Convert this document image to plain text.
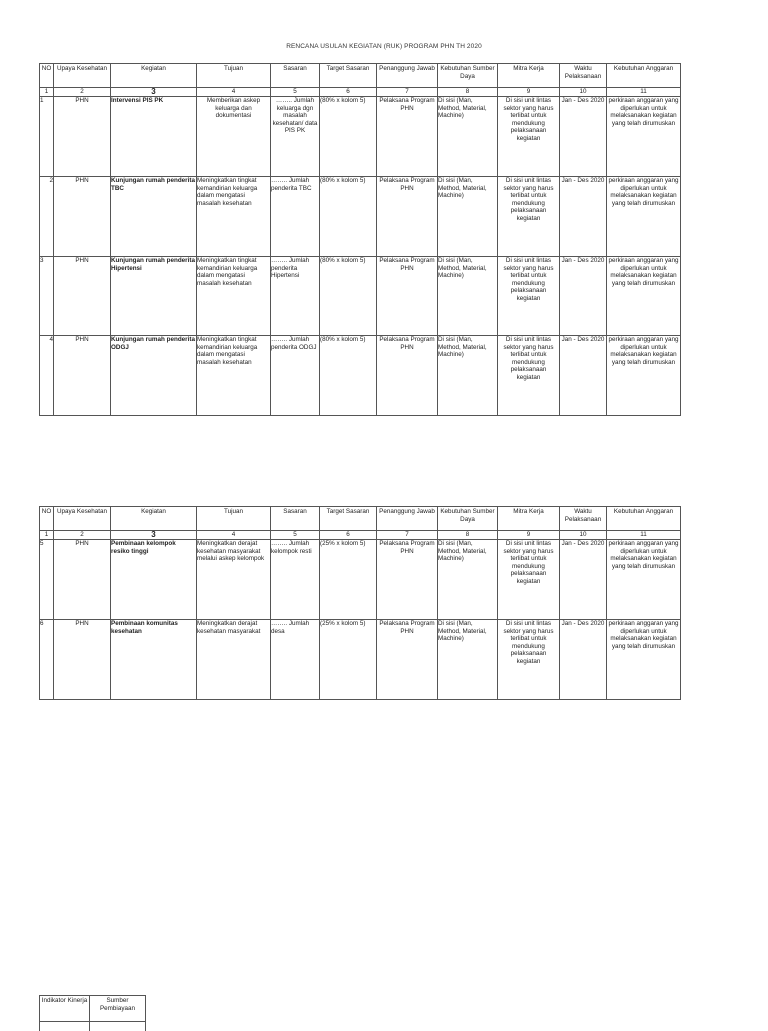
RENCANA USULAN KEGIATAN (RUK) PROGRAM PHN TH 2020
NO	Upaya Kesehatan	Kegiatan	Tujuan	Sasaran	Target Sasaran	Penanggung Jawab	Kebutuhan Sumber Daya	Mitra Kerja	Waktu Pelaksanaan	Kebutuhan Anggaran
1	2	3	4	5	6	7	8	9	10	11
1	PHN	Intervensi PIS PK	Memberikan askep keluarga dan dokumentasi	…….. Jumlah keluarga dgn masalah kesehatan/ data PIS PK	(80% x kolom 5)	Pelaksana Program PHN	Di sisi (Man, Method, Material, Machine)	Di sisi unit lintas sektor yang harus terlibat untuk mendukung pelaksanaan kegiatan	Jan - Des 2020	perkiraan anggaran yang diperlukan untuk melaksanakan kegiatan yang telah dirumuskan
2	PHN	Kunjungan rumah penderita TBC	Meningkatkan tingkat kemandirian keluarga dalam mengatasi masalah kesehatan	…….. Jumlah penderita TBC	(80% x kolom 5)	Pelaksana Program PHN	Di sisi (Man, Method, Material, Machine)	Di sisi unit lintas sektor yang harus terlibat untuk mendukung pelaksanaan kegiatan	Jan - Des 2020	perkiraan anggaran yang diperlukan untuk melaksanakan kegiatan yang telah dirumuskan
3	PHN	Kunjungan rumah penderita Hipertensi	Meningkatkan tingkat kemandirian keluarga dalam mengatasi masalah kesehatan	…….. Jumlah penderita Hipertensi	(80% x kolom 5)	Pelaksana Program PHN	Di sisi (Man, Method, Material, Machine)	Di sisi unit lintas sektor yang harus terlibat untuk mendukung pelaksanaan kegiatan	Jan - Des 2020	perkiraan anggaran yang diperlukan untuk melaksanakan kegiatan yang telah dirumuskan
4	PHN	Kunjungan rumah penderita ODGJ	Meningkatkan tingkat kemandirian keluarga dalam mengatasi masalah kesehatan	…….. Jumlah penderita ODGJ	(80% x kolom 5)	Pelaksana Program PHN	Di sisi (Man, Method, Material, Machine)	Di sisi unit lintas sektor yang harus terlibat untuk mendukung pelaksanaan kegiatan	Jan - Des 2020	perkiraan anggaran yang diperlukan untuk melaksanakan kegiatan yang telah dirumuskan
NO	Upaya Kesehatan	Kegiatan	Tujuan	Sasaran	Target Sasaran	Penanggung Jawab	Kebutuhan Sumber Daya	Mitra Kerja	Waktu Pelaksanaan	Kebutuhan Anggaran
1	2	3	4	5	6	7	8	9	10	11
5	PHN	Pembinaan kelompok resiko tinggi	Meningkatkan derajat kesehatan masyarakat melalui askep kelompok	…….. Jumlah kelompok resti	(25% x kolom 5)	Pelaksana Program PHN	Di sisi (Man, Method, Material, Machine)	Di sisi unit lintas sektor yang harus terlibat untuk mendukung pelaksanaan kegiatan	Jan - Des 2020	perkiraan anggaran yang diperlukan untuk melaksanakan kegiatan yang telah dirumuskan
6	PHN	Pembinaan komunitas kesehatan	Meningkatkan derajat kesehatan masyarakat	…….. Jumlah desa	(25% x kolom 5)	Pelaksana Program PHN	Di sisi (Man, Method, Material, Machine)	Di sisi unit lintas sektor yang harus terlibat untuk mendukung pelaksanaan kegiatan	Jan - Des 2020	perkiraan anggaran yang diperlukan untuk melaksanakan kegiatan yang telah dirumuskan
Indikator Kinerja	Sumber Pembiayaan
